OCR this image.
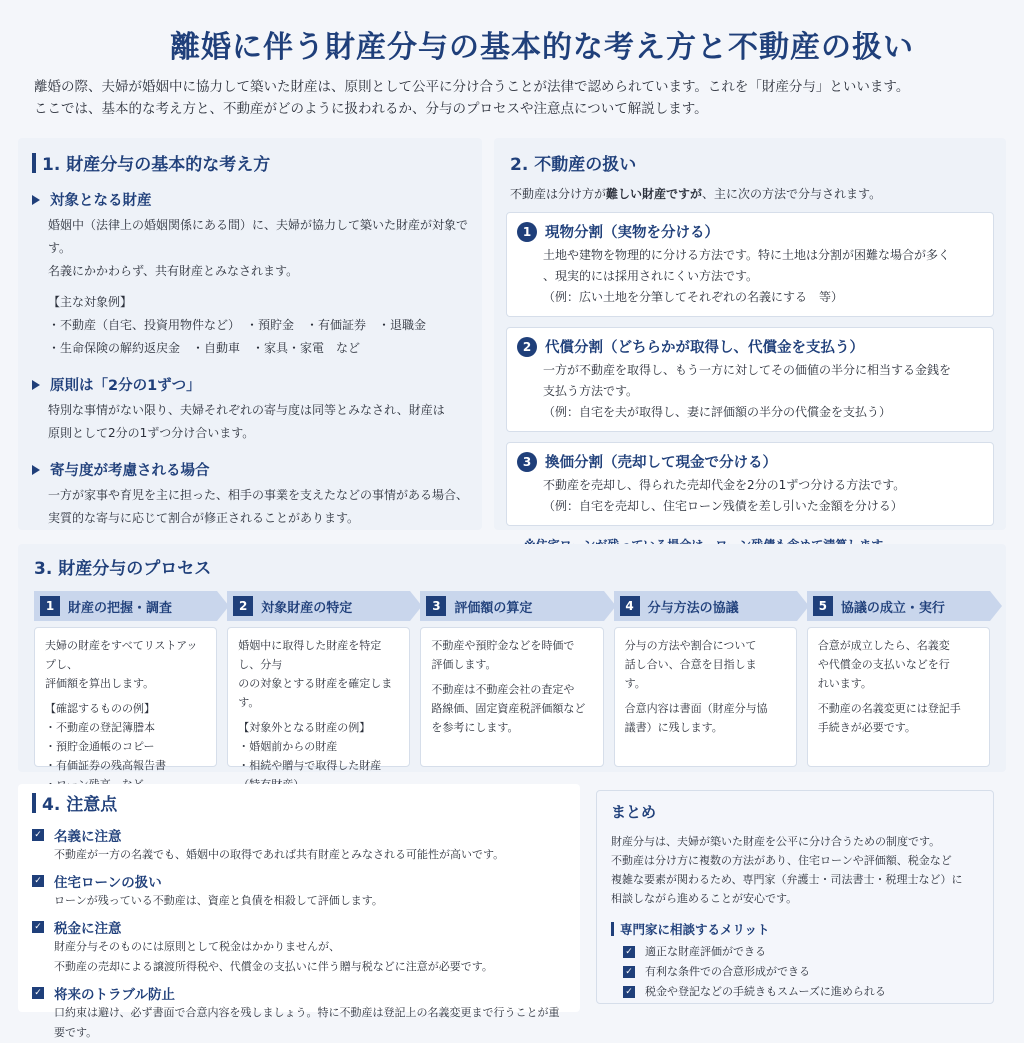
離婚に伴う財産分与の基本的な考え方と不動産の扱い
離婚の際、夫婦が婚姻中に協力して築いた財産は、原則として公平に分け合うことが法律で認められています。これを「財産分与」といいます。
ここでは、基本的な考え方と、不動産がどのように扱われるか、分与のプロセスや注意点について解説します。
1. 財産分与の基本的な考え方
対象となる財産
婚姻中（法律上の婚姻関係にある間）に、夫婦が協力して築いた財産が対象です。
名義にかかわらず、共有財産とみなされます。
【主な対象例】
・不動産（自宅、投資用物件など）　・預貯金　・有価証券　・退職金
・生命保険の解約返戻金　・自動車　・家具・家電　など
原則は「2分の1ずつ」
特別な事情がない限り、夫婦それぞれの寄与度は同等とみなされ、財産は
原則として2分の1ずつ分け合います。
寄与度が考慮される場合
一方が家事や育児を主に担った、相手の事業を支えたなどの事情がある場合、
実質的な寄与に応じて割合が修正されることがあります。
2. 不動産の扱い
不動産は分け方が難しい財産ですが、主に次の方法で分与されます。
1 現物分割（実物を分ける）
土地や建物を物理的に分ける方法です。特に土地は分割が困難な場合が多く
、現実的には採用されにくい方法です。
（例：広い土地を分筆してそれぞれの名義にする　等）
2 代償分割（どちらかが取得し、代償金を支払う）
一方が不動産を取得し、もう一方に対してその価値の半分に相当する金銭を
支払う方法です。
（例：自宅を夫が取得し、妻に評価額の半分の代償金を支払う）
3 換価分割（売却して現金で分ける）
不動産を売却し、得られた売却代金を2分の1ずつ分ける方法です。
（例：自宅を売却し、住宅ローン残債を差し引いた金額を分ける）
3. 財産分与のプロセス
1	財産の把握・調査
夫婦の財産をすべてリストアップし、
評価額を算出します。
【確認するものの例】
・不動産の登記簿謄本
・預貯金通帳のコピー
・有価証券の残高報告書
2	対象財産の特定
婚姻中に取得した財産を特定し、分与
のの対象とする財産を確定します。
【対象外となる財産の例】
・婚姻前からの財産
・相続や贈与で取得した財産
3	評価額の算定
不動産や預貯金などを時価で
評価します。
不動産は不動産会社の査定や
路線価、固定資産税評価額など
を参考にします。
4	分与方法の協議
分与の方法や割合について
話し合い、合意を目指しま
す。
合意内容は書面（財産分与協
議書）に残します。
5	協議の成立・実行
合意が成立したら、名義変
や代償金の支払いなどを行
れいます。
不動産の名義変更には登記手
手続きが必要です。
4. 注意点
✓ 名義に注意
不動産が一方の名義でも、婚姻中の取得であれば共有財産とみなされる可能性が高いです。
✓ 住宅ローンの扱い
ローンが残っている不動産は、資産と負債を相殺して評価します。
✓ 税金に注意
財産分与そのものには原則として税金はかかりませんが、
不動産の売却による譲渡所得税や、代償金の支払いに伴う贈与税などに注意が必要です。
✓ 将来のトラブル防止
口約束は避け、必ず書面で合意内容を残しましょう。特に不動産は登記上の名義変更まで行うことが重要です。
まとめ
財産分与は、夫婦が築いた財産を公平に分け合うための制度です。
不動産は分け方に複数の方法があり、住宅ローンや評価額、税金など
複雑な要素が関わるため、専門家（弁護士・司法書士・税理士など）に
相談しながら進めることが安心です。
専門家に相談するメリット
✓ 適正な財産評価ができる
✓ 有利な条件での合意形成ができる
✓ 税金や登記などの手続きもスムーズに進められる
